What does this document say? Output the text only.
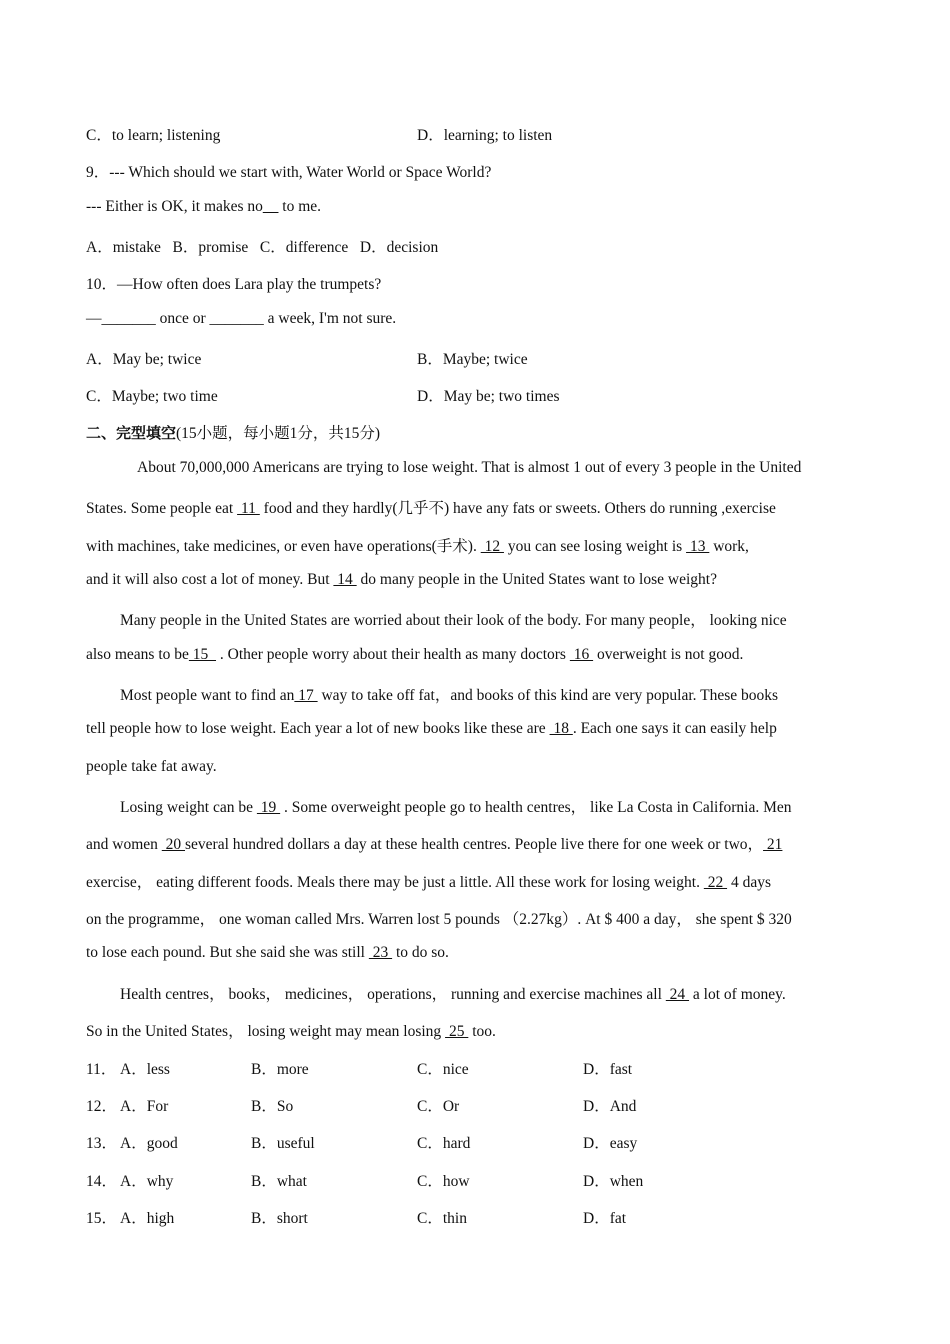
C．to learn; listening	D．learning; to listen
9．--- Which should we start with, Water World or Space World?
--- Either is OK, it makes no__ to me.
A．mistake   B．promise   C．difference   D．decision
10．—How often does Lara play the trumpets?
—_______ once or _______ a week, I'm not sure.
A．May be; twice	B．Maybe; twice
C．Maybe; two time	D．May be; two times
二、完型填空(15小题，每小题1分，共15分)
About 70,000,000 Americans are trying to lose weight. That is almost 1 out of every 3 people in the United
States. Some people eat  11  food and they hardly(几乎不) have any fats or sweets. Others do running ,exercise
with machines, take medicines, or even have operations(手术).  12  you can see losing weight is  13  work,
and it will also cost a lot of money. But  14  do many people in the United States want to lose weight?
Many people in the United States are worried about their look of the body. For many people， looking nice
also means to be 15   . Other people worry about their health as many doctors  16  overweight is not good.
Most people want to find an 17  way to take off fat，and books of this kind are very popular. These books
tell people how to lose weight. Each year a lot of new books like these are  18 . Each one says it can easily help
people take fat away.
Losing weight can be  19  . Some overweight people go to health centres， like La Costa in California. Men
and women  20 several hundred dollars a day at these health centres. People live there for one week or two， 21
exercise， eating different foods. Meals there may be just a little. All these work for losing weight.  22  4 days
on the programme， one woman called Mrs. Warren lost 5 pounds （2.27kg）. At $ 400 a day， she spent $ 320
to lose each pound. But she said she was still  23  to do so.
Health centres， books， medicines， operations， running and exercise machines all  24  a lot of money.
So in the United States， losing weight may mean losing  25  too.
11． A．less	B．more	C．nice	D．fast
12． A．For	B．So	C．Or	D．And
13． A．good	B．useful	C．hard	D．easy
14． A．why	B．what	C．how	D．when
15． A．high	B．short	C．thin	D．fat
